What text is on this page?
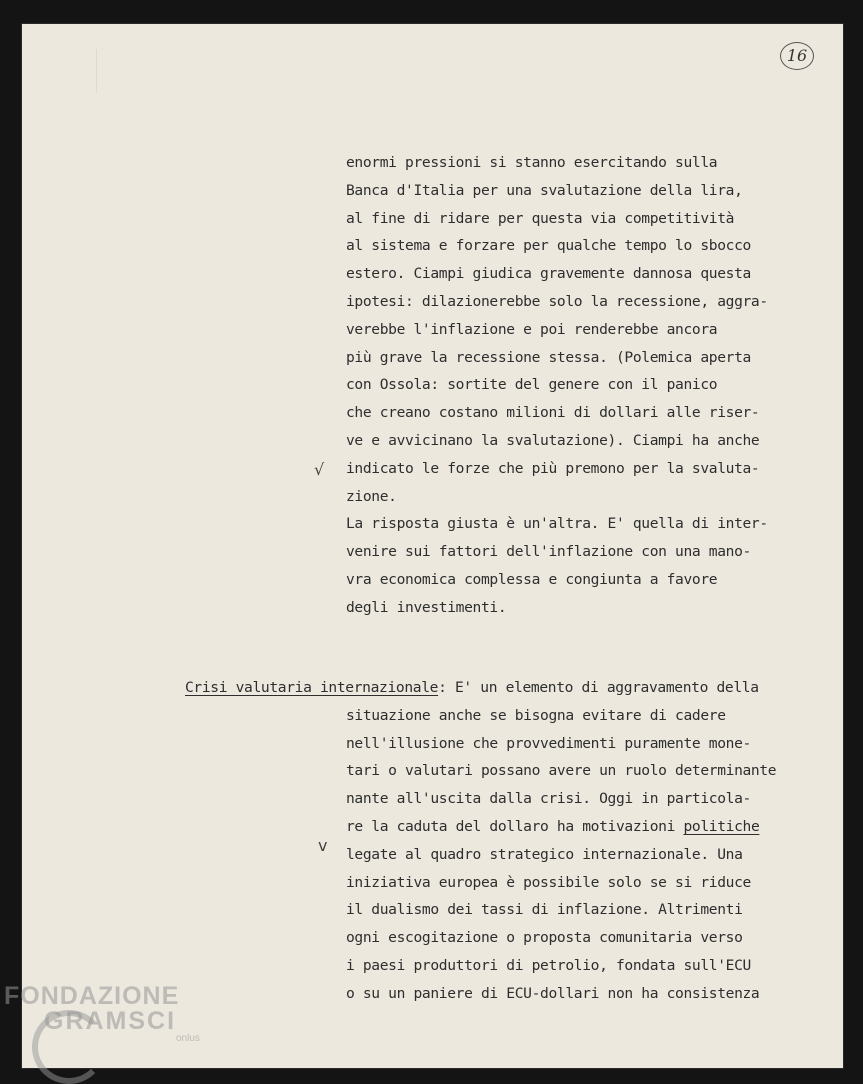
16
enormi pressioni si stanno esercitando sulla
Banca d'Italia per una svalutazione della lira,
al fine di ridare per questa via competitività
al sistema e forzare per qualche tempo lo sbocco
estero. Ciampi giudica gravemente dannosa questa
ipotesi: dilazionerebbe solo la recessione, aggra-
verebbe l'inflazione e poi renderebbe ancora
più grave la recessione stessa. (Polemica aperta
con Ossola: sortite del genere con il panico
che creano costano milioni di dollari alle riser-
ve e avvicinano la svalutazione). Ciampi ha anche
indicato le forze che più premono per la svaluta-
zione.
La risposta giusta è un'altra. E' quella di inter-
venire sui fattori dell'inflazione con una mano-
vra economica complessa e congiunta a favore
degli investimenti.
√
Crisi valutaria internazionale: E' un elemento di aggravamento della
situazione anche se bisogna evitare di cadere
nell'illusione che provvedimenti puramente mone-
tari o valutari possano avere un ruolo determinante
nante all'uscita dalla crisi. Oggi in particola-
re la caduta del dollaro ha motivazioni politiche
legate al quadro strategico internazionale. Una
iniziativa europea è possibile solo se si riduce
il dualismo dei tassi di inflazione. Altrimenti
ogni escogitazione o proposta comunitaria verso
i paesi produttori di petrolio, fondata sull'ECU
o su un paniere di ECU-dollari non ha consistenza
v
FONDAZIONE
GRAMSCI
onlus
